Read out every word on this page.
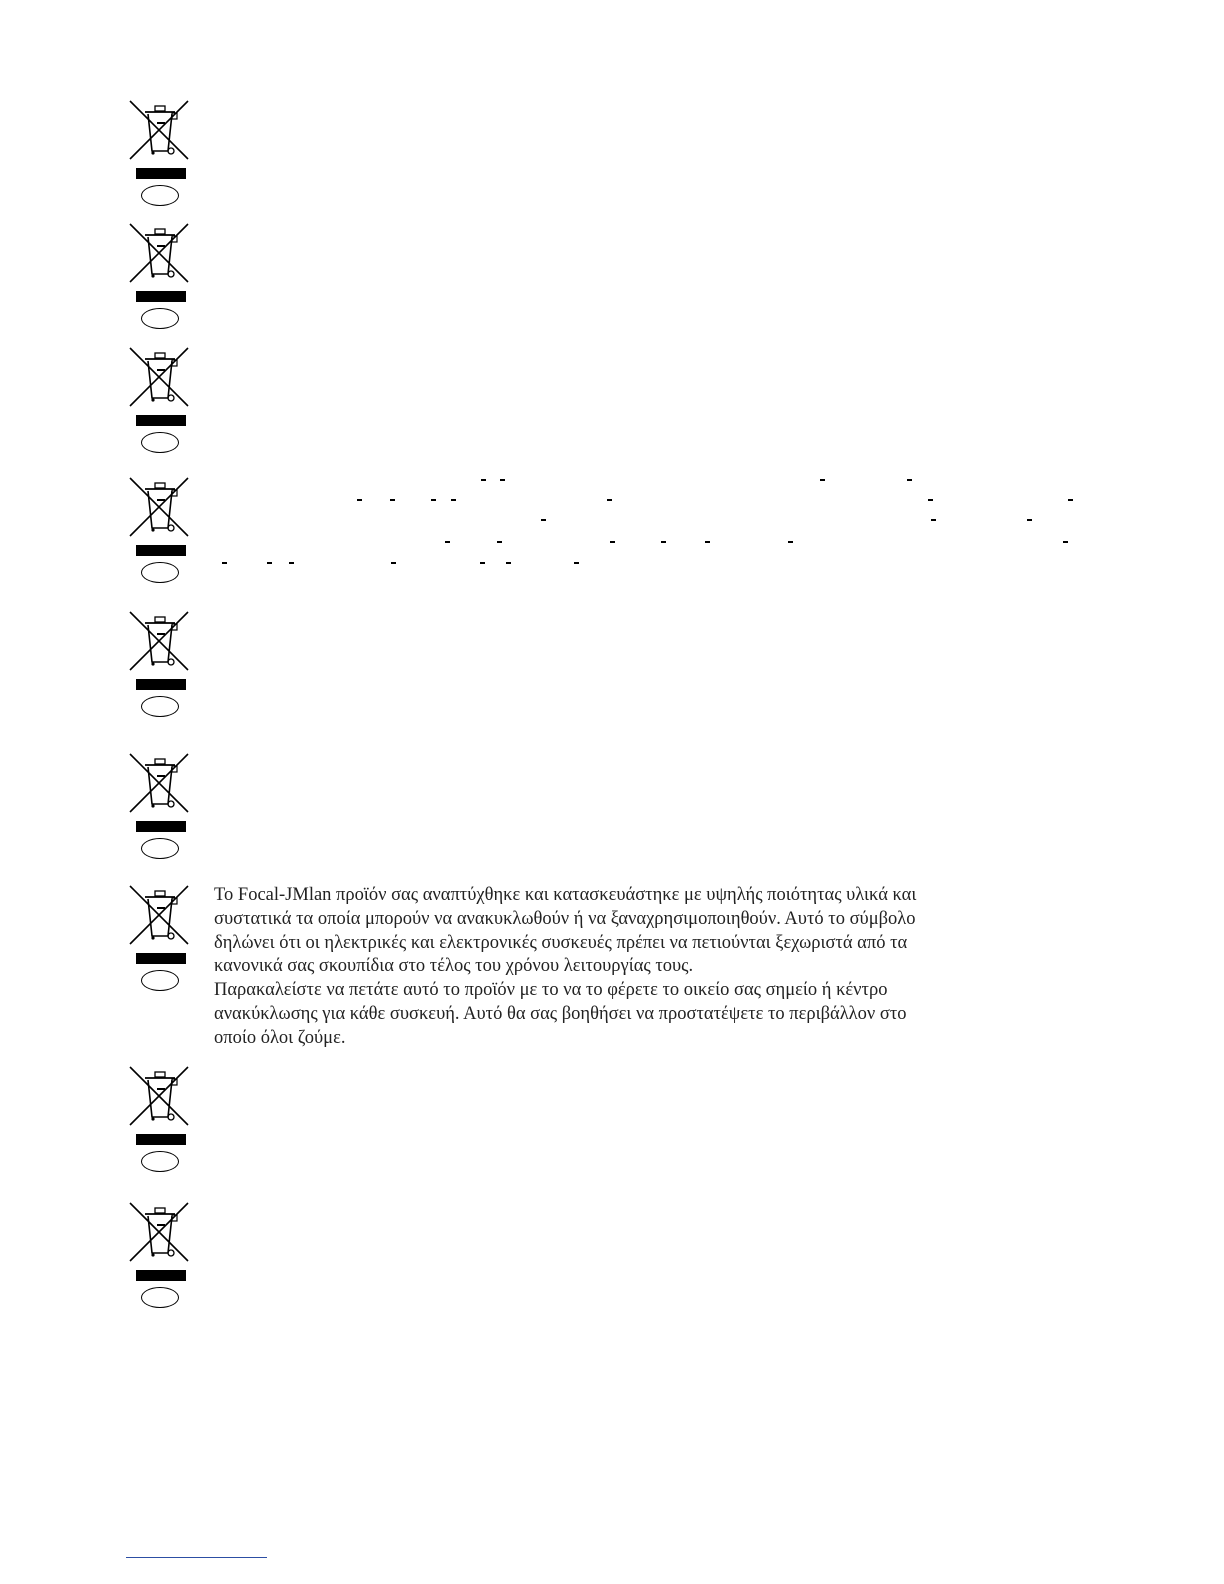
Το Focal-JMlan προϊόν σας αναπτύχθηκε και κατασκευάστηκε με υψηλής ποιότητας υλικά και

συστατικά τα οποία μπορούν να ανακυκλωθούν ή να ξαναχρησιμοποιηθούν. Αυτό το σύμβολο

δηλώνει ότι οι ηλεκτρικές και ελεκτρονικές συσκευές πρέπει να πετιούνται ξεχωριστά από τα

κανονικά σας σκουπίδια στο τέλος του χρόνου λειτουργίας τους.

Παρακαλείστε να πετάτε αυτό το προϊόν με το να το φέρετε το οικείο σας σημείο ή κέντρο

ανακύκλωσης για κάθε συσκευή. Αυτό θα σας βοηθήσει να προστατέψετε το περιβάλλον στο

οποίο όλοι ζούμε.
